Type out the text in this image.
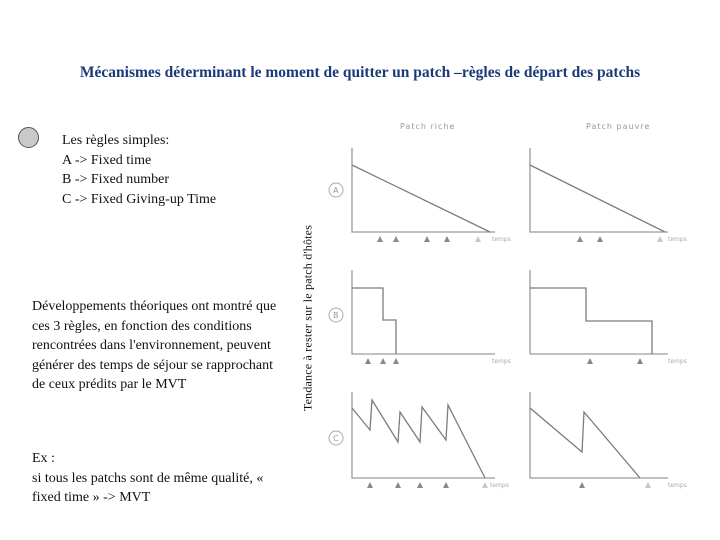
Mécanismes déterminant le moment de quitter un patch –règles de départ des patchs
Les règles simples:
A -> Fixed time
B -> Fixed number
C -> Fixed Giving-up Time
Développements théoriques ont montré que ces 3 règles, en fonction des conditions rencontrées dans l'environnement, peuvent générer des temps de séjour se rapprochant de ceux prédits par le MVT
Ex :
si tous les patchs sont de même qualité, « fixed time » -> MVT
Tendance à rester sur le patch d'hôtes
Patch riche	Patch pauvre
A
B
C
temps	temps
temps	temps
temps	temps
